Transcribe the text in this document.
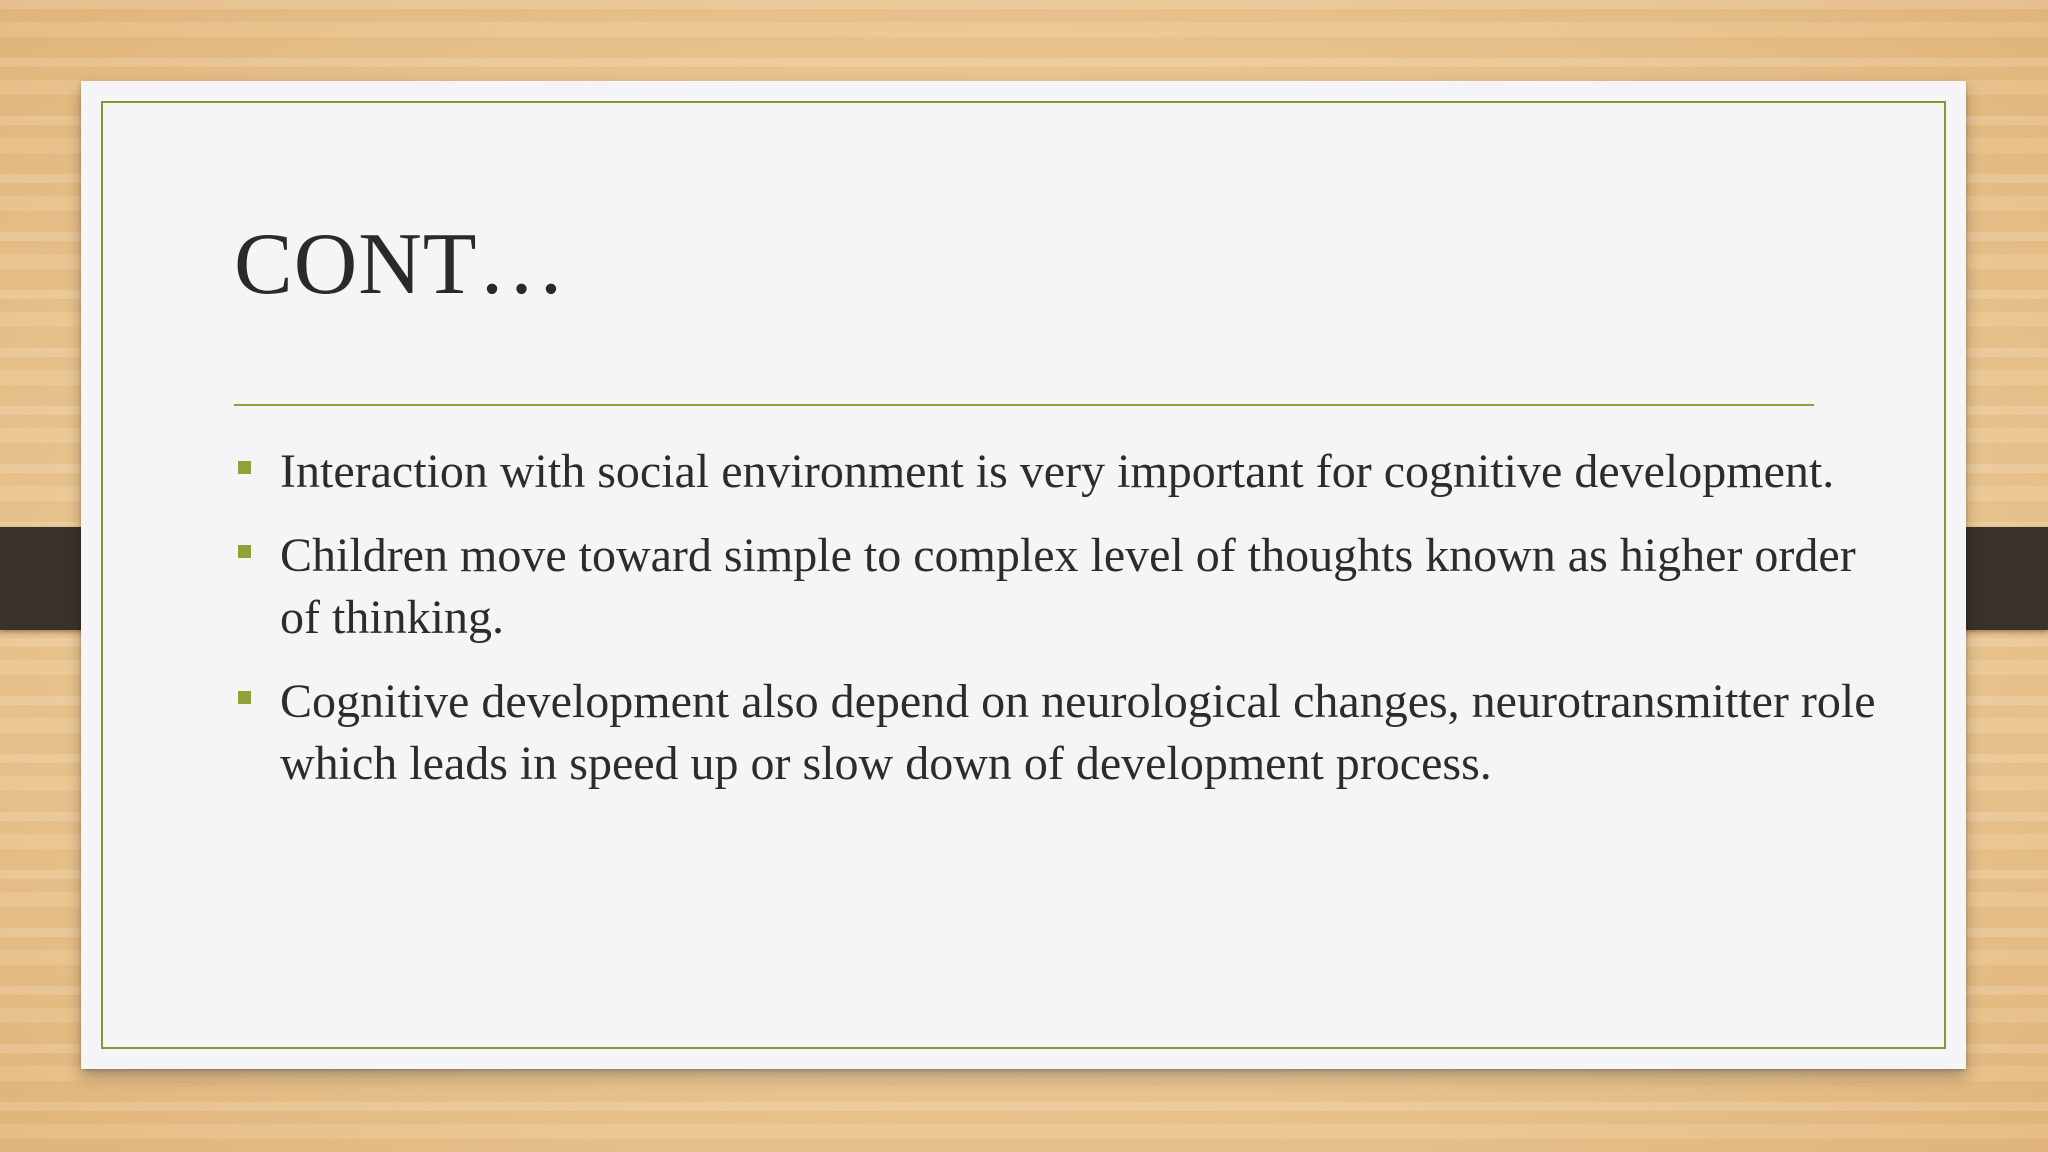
CONT…
Interaction with social environment is very important for cognitive development.
Children move toward simple to complex level of thoughts known as higher order of thinking.
Cognitive development also depend on neurological changes, neurotransmitter role which leads in speed up or slow down of development process.
